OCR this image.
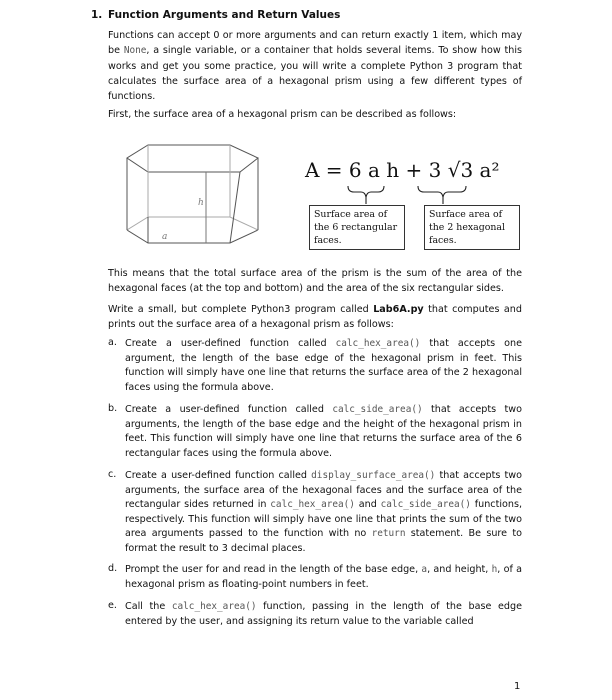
1. Function Arguments and Return Values
Functions can accept 0 or more arguments and can return exactly 1 item, which may be None, a single variable, or a container that holds several items. To show how this works and get you some practice, you will write a complete Python 3 program that calculates the surface area of a hexagonal prism using a few different types of functions.
First, the surface area of a hexagonal prism can be described as follows:
h
a
A = 6 a h + 3 √3 a²
Surface area of the 6 rectangular faces.
Surface area of the 2 hexagonal faces.
This means that the total surface area of the prism is the sum of the area of the hexagonal faces (at the top and bottom) and the area of the six rectangular sides.
Write a small, but complete Python3 program called Lab6A.py that computes and prints out the surface area of a hexagonal prism as follows:
a. Create a user-defined function called calc_hex_area() that accepts one argument, the length of the base edge of the hexagonal prism in feet. This function will simply have one line that returns the surface area of the 2 hexagonal faces using the formula above.
b. Create a user-defined function called calc_side_area() that accepts two arguments, the length of the base edge and the height of the hexagonal prism in feet. This function will simply have one line that returns the surface area of the 6 rectangular faces using the formula above.
c. Create a user-defined function called display_surface_area() that accepts two arguments, the surface area of the hexagonal faces and the surface area of the rectangular sides returned in calc_hex_area() and calc_side_area() functions, respectively. This function will simply have one line that prints the sum of the two area arguments passed to the function with no return statement. Be sure to format the result to 3 decimal places.
d. Prompt the user for and read in the length of the base edge, a, and height, h, of a hexagonal prism as floating-point numbers in feet.
e. Call the calc_hex_area() function, passing in the length of the base edge entered by the user, and assigning its return value to the variable called
1
